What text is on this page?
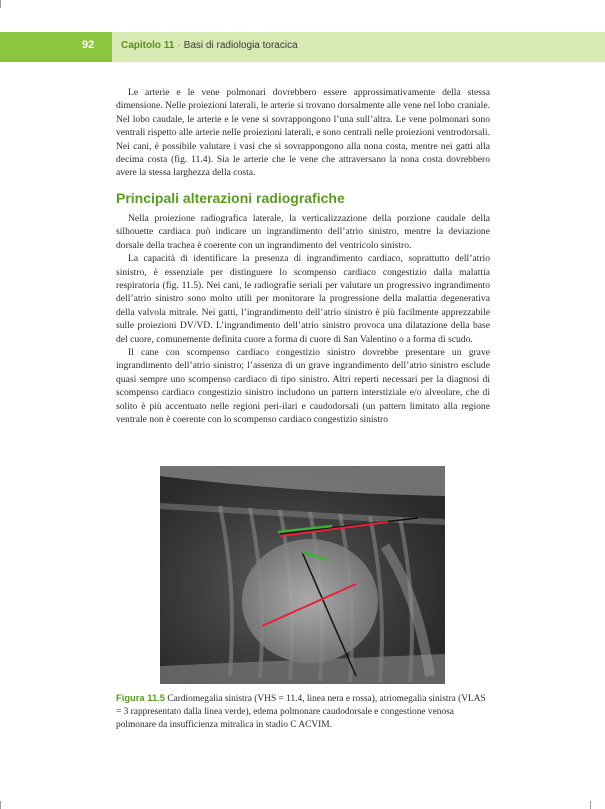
92	Capitolo 11 · Basi di radiologia toracica

Le arterie e le vene polmonari dovrebbero essere approssimativamente della stessa dimensione. Nelle proiezioni laterali, le arterie si trovano dorsalmente alle vene nel lobo craniale. Nel lobo caudale, le arterie e le vene si sovrappongono l’una sull’altra. Le vene polmonari sono ventrali rispetto alle arterie nelle proiezioni laterali, e sono centrali nelle proiezioni ventrodorsali. Nei cani, è possibile valutare i vasi che si sovrappongono alla nona costa, mentre nei gatti alla decima costa (fig. 11.4). Sia le arterie che le vene che attraversano la nona costa dovrebbero avere la stessa larghezza della costa.

Principali alterazioni radiografiche

Nella proiezione radiografica laterale, la verticalizzazione della porzione caudale della silhouette cardiaca può indicare un ingrandimento dell’atrio sinistro, mentre la deviazione dorsale della trachea è coerente con un ingrandimento del ventricolo sinistro.

La capacità di identificare la presenza di ingrandimento cardiaco, soprattutto dell’atrio sinistro, è essenziale per distinguere lo scompenso cardiaco congestizio dalla malattia respiratoria (fig. 11.5). Nei cani, le radiografie seriali per valutare un progressivo ingrandimento dell’atrio sinistro sono molto utili per monitorare la progressione della malattia degenerativa della valvola mitrale. Nei gatti, l’ingrandimento dell’atrio sinistro è più facilmente apprezzabile sulle proiezioni DV/VD. L’ingrandimento dell’atrio sinistro provoca una dilatazione della base del cuore, comunemente definita cuore a forma di cuore di San Valentino o a forma di scudo.

Il cane con scompenso cardiaco congestizio sinistro dovrebbe presentare un grave ingrandimento dell’atrio sinistro; l’assenza di un grave ingrandimento dell’atrio sinistro esclude quasi sempre uno scompenso cardiaco di tipo sinistro. Altri reperti necessari per la diagnosi di scompenso cardiaco congestizio sinistro includono un pattern interstiziale e/o alveolare, che di solito è più accentuato nelle regioni peri-ilari e caudodorsali (un pattern limitato alla regione ventrale non è coerente con lo scompenso cardiaco congestizio sinistro

Figura 11.5 Cardiomegalia sinistra (VHS = 11.4, linea nera e rossa), atriomegalia sinistra (VLAS = 3 rappresentato dalla linea verde), edema polmonare caudodorsale e congestione venosa polmonare da insufficienza mitralica in stadio C ACVIM.
